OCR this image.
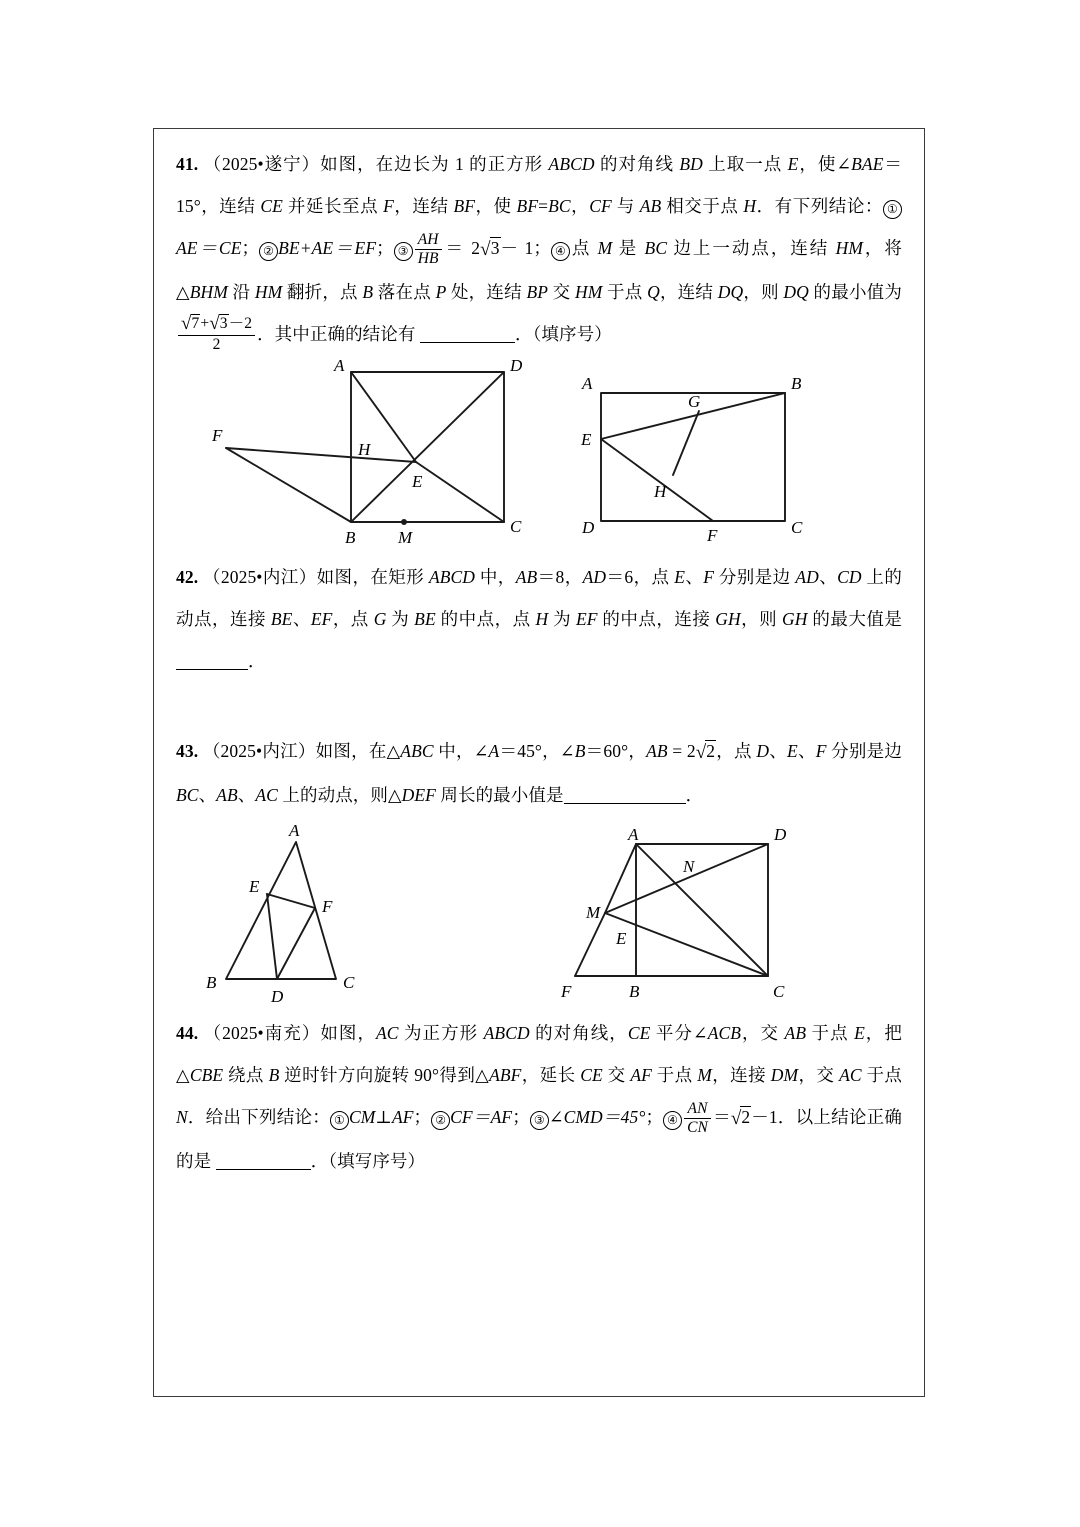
41. （2025•遂宁）如图，在边长为 1 的正方形 ABCD 的对角线 BD 上取一点 E，使∠BAE＝15°，连结 CE 并延长至点 F，连结 BF，使 BF=BC，CF 与 AB 相交于点 H．有下列结论： ①AE＝CE； ② BE+AE＝EF； ③ $\frac{AH}{HB} = 2√3- 1$； ④ 点 M 是 BC 边上一动点，连结 HM，将△BHM 沿 HM 翻折，点 B 落在点 P 处，连结 BP 交 HM 于点 Q，连结 DQ，则 DQ 的最小值为
$\frac{√7+√3-2}{2}$ ．其中正确的结论有	．（填序号）
A	D
B
C
F
H
E
M
A	B
E
D	C
G
H
F
42. （2025•内江）如图，在矩形 ABCD 中，AB＝8，AD＝6，点 E、F 分别是边 AD、CD 上的动点，连接 BE、EF，点 G 为 BE 的中点，点 H 为 EF 的中点，连接 GH，则 GH 的最大值是．
43. （2025•内江）如图，在△ABC 中，∠A＝45°，∠B＝60°，AB = 2√2，点 D、E、F 分别是边 BC、AB、AC 上的动点，则△DEF 周长的最小值是	．
A
B	C
E
F
D
A	D
F	B	C
M
E
N
44. （2025•南充）如图，AC 为正方形 ABCD 的对角线，CE 平分∠ACB，交 AB 于点 E，把△CBE 绕点 B 逆时针方向旋转 90°得到△ABF，延长 CE 交 AF 于点 M，连接 DM，交 AC 于点 N．给出下列结论： ① CM⊥AF； ② CF＝AF； ③ ∠CMD＝45°； ④ $\frac{AN}{CN} =√2-1$．以上结论正确的是	．（填写序号）
